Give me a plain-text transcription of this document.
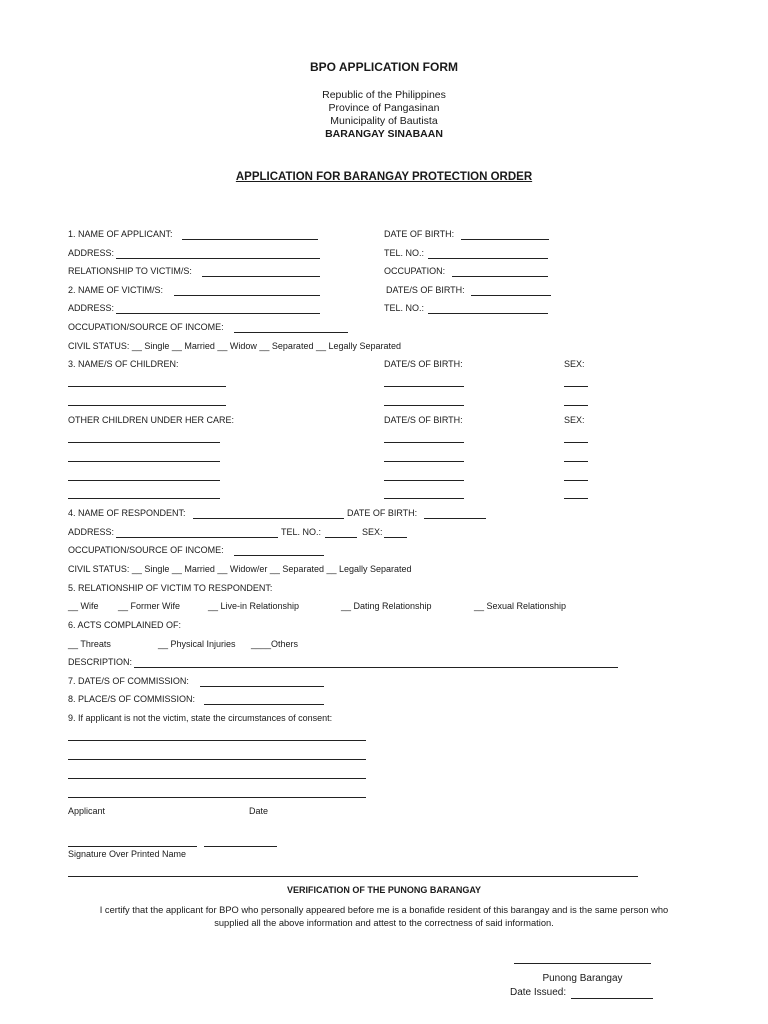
BPO APPLICATION FORM
Republic of the Philippines
Province of Pangasinan
Municipality of Bautista
BARANGAY SINABAAN
APPLICATION FOR BARANGAY PROTECTION ORDER
1. NAME OF APPLICANT:	DATE OF BIRTH:
ADDRESS:	TEL. NO.:
RELATIONSHIP TO VICTIM/S:	OCCUPATION:
2. NAME OF VICTIM/S:	DATE/S OF BIRTH:
ADDRESS:	TEL. NO.:
OCCUPATION/SOURCE OF INCOME:
CIVIL STATUS: __ Single __ Married __ Widow __ Separated __ Legally Separated
3. NAME/S OF CHILDREN:	DATE/S OF BIRTH:	SEX:
OTHER CHILDREN UNDER HER CARE:	DATE/S OF BIRTH:	SEX:
4. NAME OF RESPONDENT:	DATE OF BIRTH:
ADDRESS:	TEL. NO.:	SEX:
OCCUPATION/SOURCE OF INCOME:
CIVIL STATUS: __ Single __ Married __ Widow/er __ Separated __ Legally Separated
5. RELATIONSHIP OF VICTIM TO RESPONDENT:
__ Wife __ Former Wife	__ Live-in Relationship	__ Dating Relationship	__ Sexual Relationship
6. ACTS COMPLAINED OF:
__ Threats	__ Physical Injuries ____Others
DESCRIPTION:
7. DATE/S OF COMMISSION:
8. PLACE/S OF COMMISSION:
9. If applicant is not the victim, state the circumstances of consent:
Applicant	Date
Signature Over Printed Name
VERIFICATION OF THE PUNONG BARANGAY
I certify that the applicant for BPO who personally appeared before me is a bonafide resident of this barangay and is the same person who
supplied all the above information and attest to the correctness of said information.
Punong Barangay
Date Issued:
